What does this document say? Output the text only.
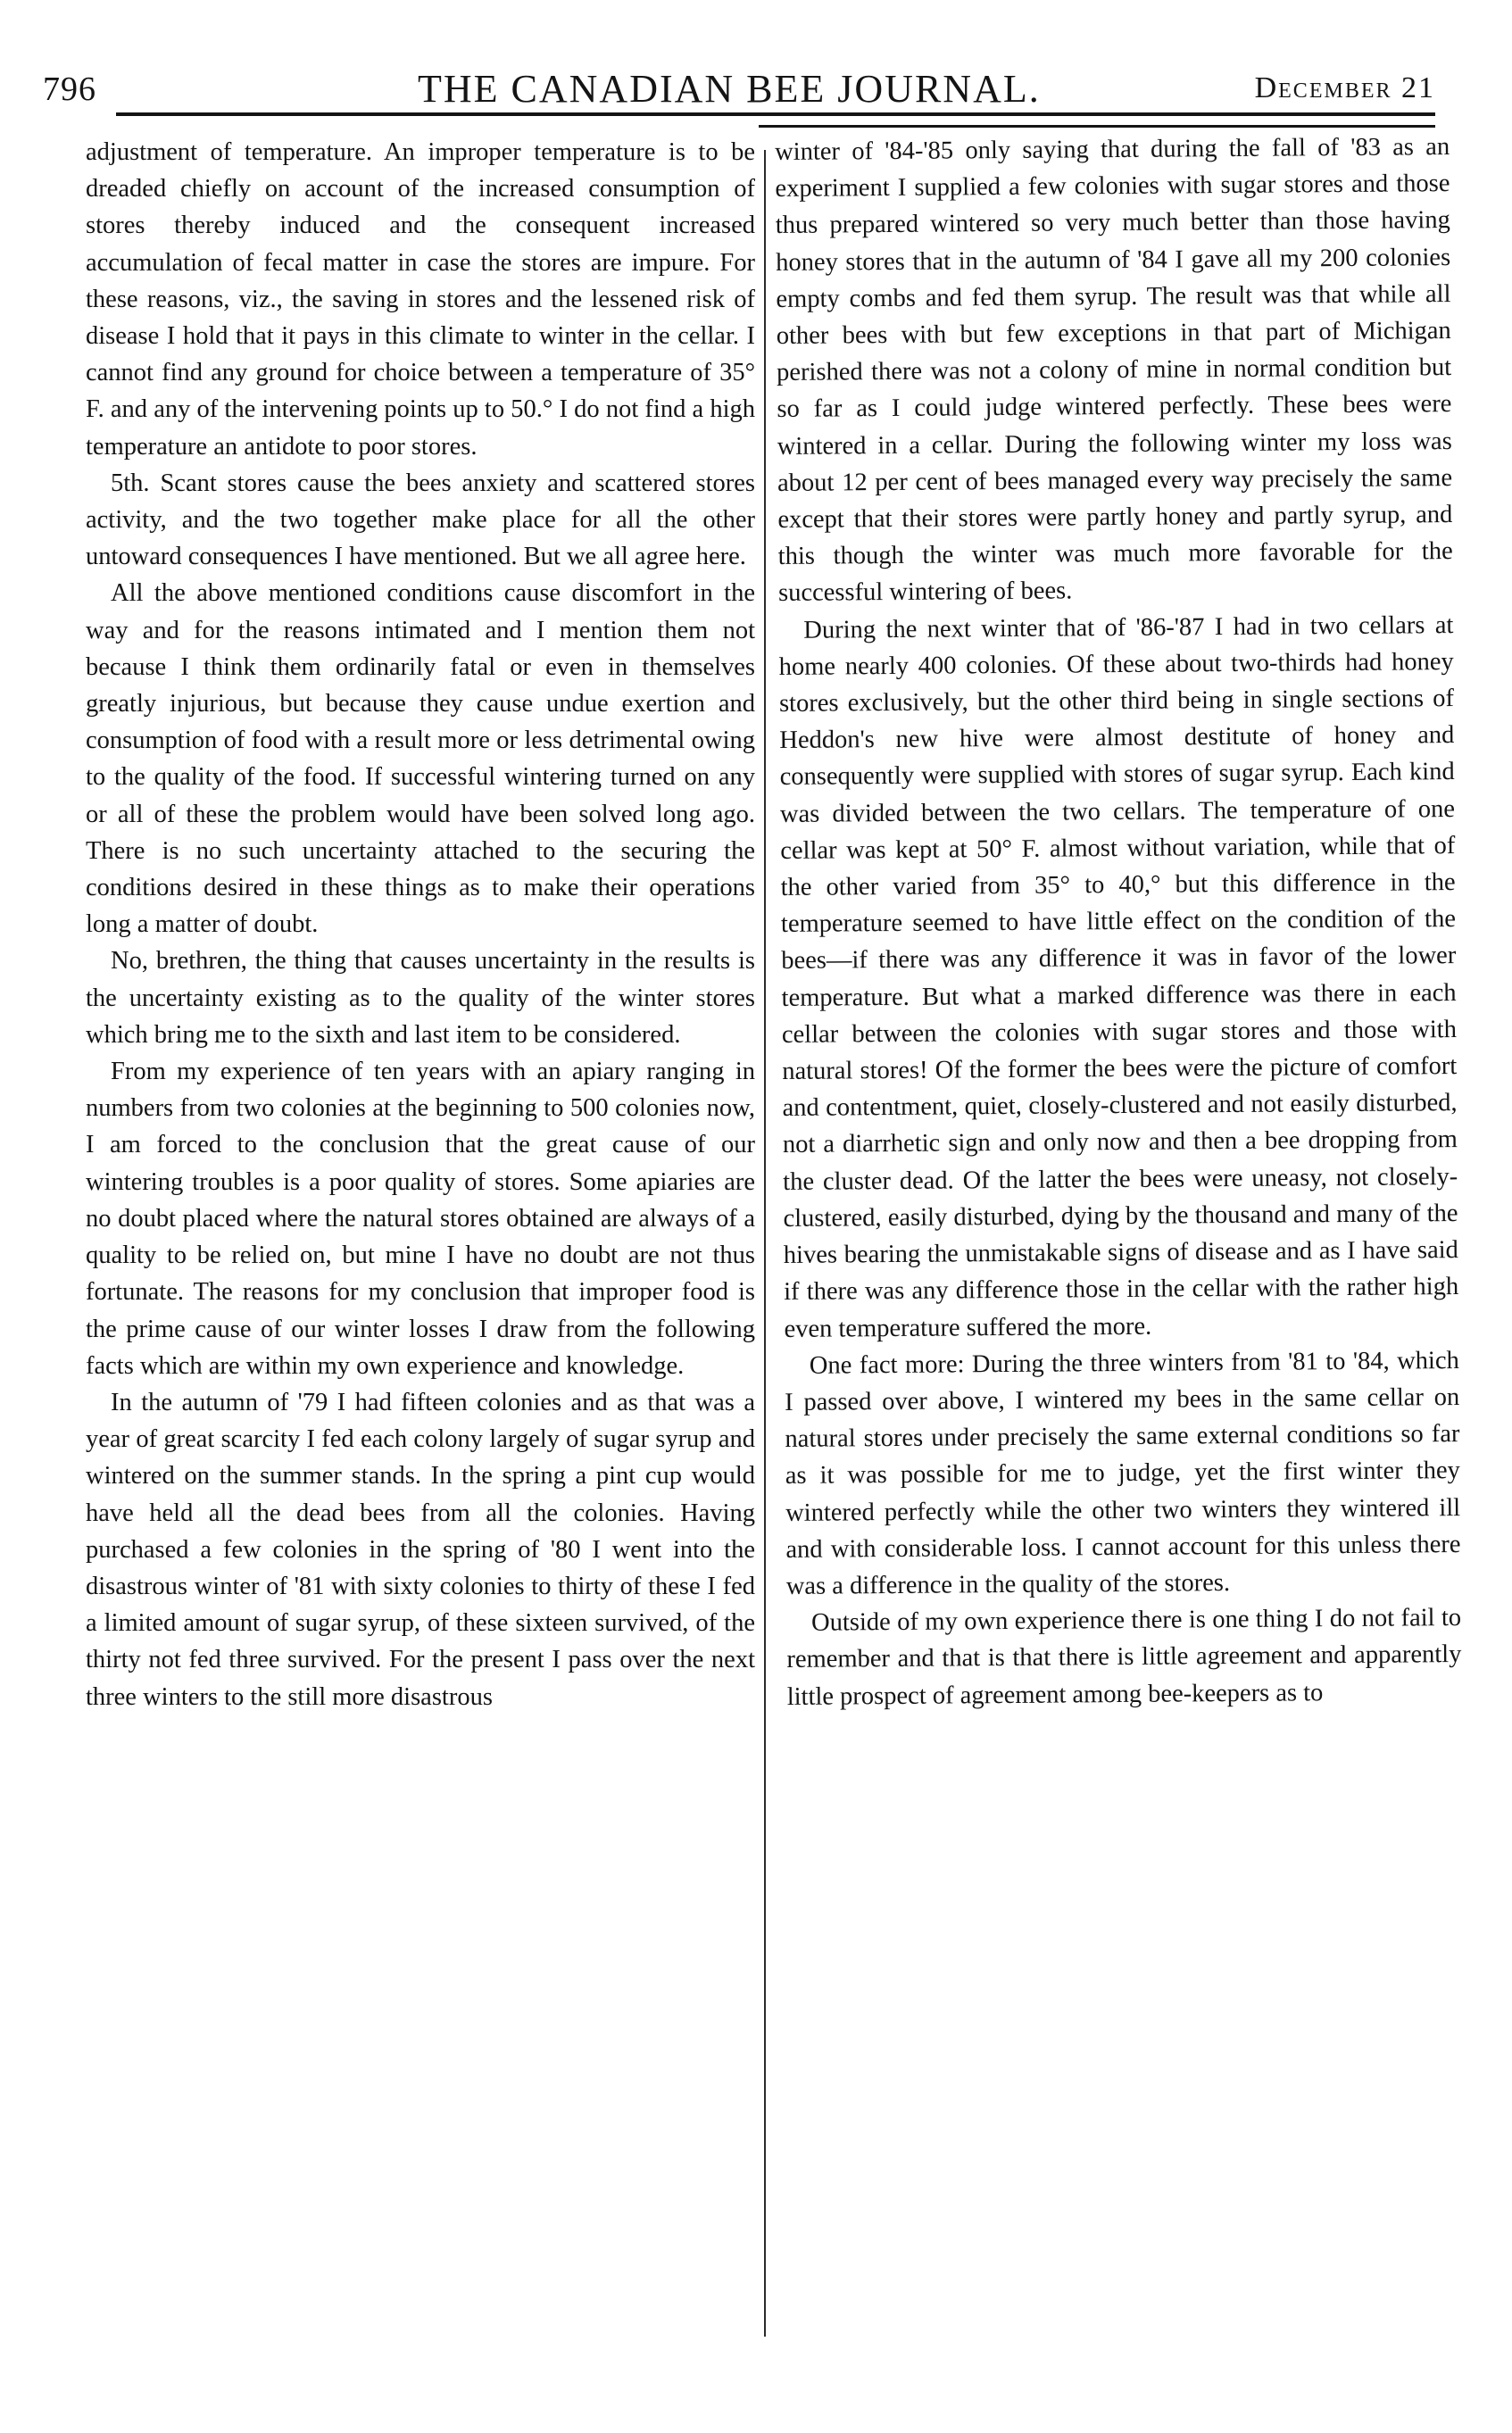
796	THE CANADIAN BEE JOURNAL.	December 21

adjustment of temperature. An improper temperature is to be dreaded chiefly on account of the increased consumption of stores thereby induced and the consequent increased accumulation of fecal matter in case the stores are impure. For these reasons, viz., the saving in stores and the lessened risk of disease I hold that it pays in this climate to winter in the cellar. I cannot find any ground for choice between a temperature of 35° F. and any of the intervening points up to 50.° I do not find a high temperature an antidote to poor stores.

5th. Scant stores cause the bees anxiety and scattered stores activity, and the two together make place for all the other untoward consequences I have mentioned. But we all agree here.

All the above mentioned conditions cause discomfort in the way and for the reasons intimated and I mention them not because I think them ordinarily fatal or even in themselves greatly injurious, but because they cause undue exertion and consumption of food with a result more or less detrimental owing to the quality of the food. If successful wintering turned on any or all of these the problem would have been solved long ago. There is no such uncertainty attached to the securing the conditions desired in these things as to make their operations long a matter of doubt.

No, brethren, the thing that causes uncertainty in the results is the uncertainty existing as to the quality of the winter stores which bring me to the sixth and last item to be considered.

From my experience of ten years with an apiary ranging in numbers from two colonies at the beginning to 500 colonies now, I am forced to the conclusion that the great cause of our wintering troubles is a poor quality of stores. Some apiaries are no doubt placed where the natural stores obtained are always of a quality to be relied on, but mine I have no doubt are not thus fortunate. The reasons for my conclusion that improper food is the prime cause of our winter losses I draw from the following facts which are within my own experience and knowledge.

In the autumn of '79 I had fifteen colonies and as that was a year of great scarcity I fed each colony largely of sugar syrup and wintered on the summer stands. In the spring a pint cup would have held all the dead bees from all the colonies. Having purchased a few colonies in the spring of '80 I went into the disastrous winter of '81 with sixty colonies to thirty of these I fed a limited amount of sugar syrup, of these sixteen survived, of the thirty not fed three survived. For the present I pass over the next three winters to the still more disastrous

winter of '84-'85 only saying that during the fall of '83 as an experiment I supplied a few colonies with sugar stores and those thus prepared wintered so very much better than those having honey stores that in the autumn of '84 I gave all my 200 colonies empty combs and fed them syrup. The result was that while all other bees with but few exceptions in that part of Michigan perished there was not a colony of mine in normal condition but so far as I could judge wintered perfectly. These bees were wintered in a cellar. During the following winter my loss was about 12 per cent of bees managed every way precisely the same except that their stores were partly honey and partly syrup, and this though the winter was much more favorable for the successful wintering of bees.

During the next winter that of '86-'87 I had in two cellars at home nearly 400 colonies. Of these about two-thirds had honey stores exclusively, but the other third being in single sections of Heddon's new hive were almost destitute of honey and consequently were supplied with stores of sugar syrup. Each kind was divided between the two cellars. The temperature of one cellar was kept at 50° F. almost without variation, while that of the other varied from 35° to 40,° but this difference in the temperature seemed to have little effect on the condition of the bees—if there was any difference it was in favor of the lower temperature. But what a marked difference was there in each cellar between the colonies with sugar stores and those with natural stores! Of the former the bees were the picture of comfort and contentment, quiet, closely-clustered and not easily disturbed, not a diarrhetic sign and only now and then a bee dropping from the cluster dead. Of the latter the bees were uneasy, not closely-clustered, easily disturbed, dying by the thousand and many of the hives bearing the unmistakable signs of disease and as I have said if there was any difference those in the cellar with the rather high even temperature suffered the more.

One fact more: During the three winters from '81 to '84, which I passed over above, I wintered my bees in the same cellar on natural stores under precisely the same external conditions so far as it was possible for me to judge, yet the first winter they wintered perfectly while the other two winters they wintered ill and with considerable loss. I cannot account for this unless there was a difference in the quality of the stores.

Outside of my own experience there is one thing I do not fail to remember and that is that there is little agreement and apparently little prospect of agreement among bee-keepers as to
